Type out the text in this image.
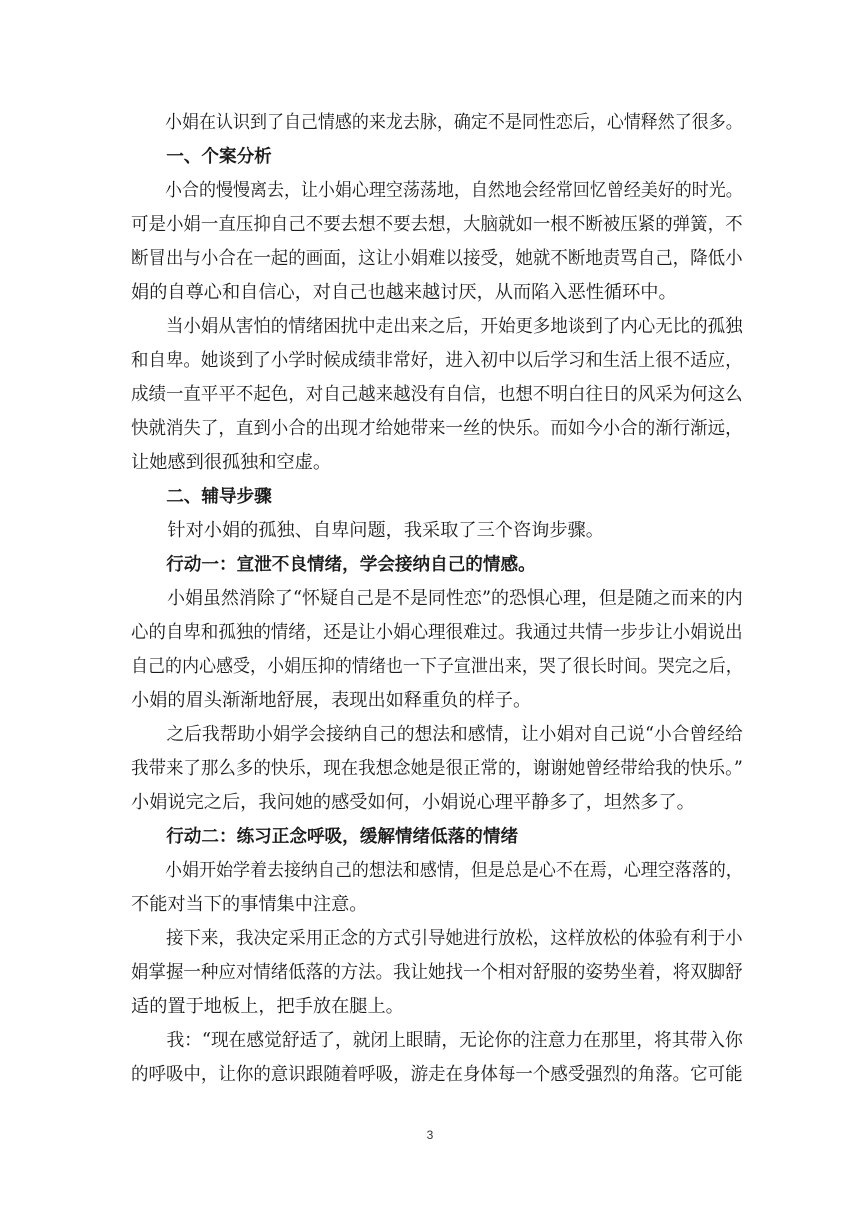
　　小娟在认识到了自己情感的来龙去脉，确定不是同性恋后，心情释然了很多。
　　一、个案分析
　　小合的慢慢离去，让小娟心理空荡荡地，自然地会经常回忆曾经美好的时光。
可是小娟一直压抑自己不要去想不要去想，大脑就如一根不断被压紧的弹簧，不
断冒出与小合在一起的画面，这让小娟难以接受，她就不断地责骂自己，降低小
娟的自尊心和自信心，对自己也越来越讨厌，从而陷入恶性循环中。
　　当小娟从害怕的情绪困扰中走出来之后，开始更多地谈到了内心无比的孤独
和自卑。她谈到了小学时候成绩非常好，进入初中以后学习和生活上很不适应，
成绩一直平平不起色，对自己越来越没有自信，也想不明白往日的风采为何这么
快就消失了，直到小合的出现才给她带来一丝的快乐。而如今小合的渐行渐远，
让她感到很孤独和空虚。
　　二、辅导步骤
　　针对小娟的孤独、自卑问题，我采取了三个咨询步骤。
　　行动一：宣泄不良情绪，学会接纳自己的情感。
　　小娟虽然消除了“怀疑自己是不是同性恋”的恐惧心理，但是随之而来的内
心的自卑和孤独的情绪，还是让小娟心理很难过。我通过共情一步步让小娟说出
自己的内心感受，小娟压抑的情绪也一下子宣泄出来，哭了很长时间。哭完之后，
小娟的眉头渐渐地舒展，表现出如释重负的样子。
　　之后我帮助小娟学会接纳自己的想法和感情，让小娟对自己说“小合曾经给
我带来了那么多的快乐，现在我想念她是很正常的，谢谢她曾经带给我的快乐。”
小娟说完之后，我问她的感受如何，小娟说心理平静多了，坦然多了。
　　行动二：练习正念呼吸，缓解情绪低落的情绪
　　小娟开始学着去接纳自己的想法和感情，但是总是心不在焉，心理空落落的，
不能对当下的事情集中注意。
　　接下来，我决定采用正念的方式引导她进行放松，这样放松的体验有利于小
娟掌握一种应对情绪低落的方法。我让她找一个相对舒服的姿势坐着，将双脚舒
适的置于地板上，把手放在腿上。
　　我：“现在感觉舒适了，就闭上眼睛，无论你的注意力在那里，将其带入你
的呼吸中，让你的意识跟随着呼吸，游走在身体每一个感受强烈的角落。它可能
3
